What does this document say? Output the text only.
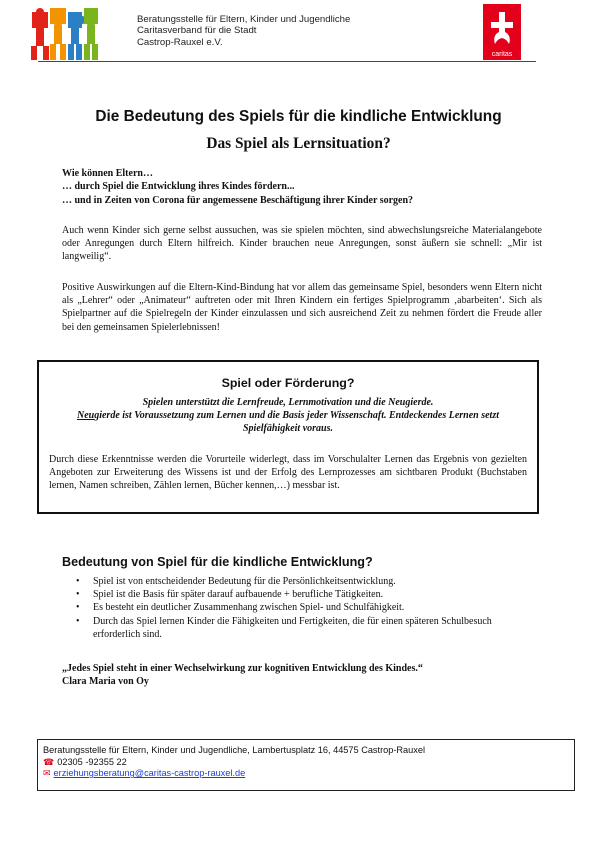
Beratungsstelle für Eltern, Kinder und Jugendliche
Caritasverband für die Stadt
Castrop-Rauxel e.V.
caritas
Die Bedeutung des Spiels für die kindliche Entwicklung
Das Spiel als Lernsituation?
Wie können Eltern…
… durch Spiel die Entwicklung ihres Kindes fördern...
… und in Zeiten von Corona für angemessene Beschäftigung ihrer Kinder sorgen?
Auch wenn Kinder sich gerne selbst aussuchen, was sie spielen möchten, sind abwechslungsreiche Materialangebote oder Anregungen durch Eltern hilfreich. Kinder brauchen neue Anregungen, sonst äußern sie schnell: „Mir ist langweilig“.
Positive Auswirkungen auf die Eltern-Kind-Bindung hat vor allem das gemeinsame Spiel, besonders wenn Eltern nicht als „Lehrer“ oder „Animateur“ auftreten oder mit Ihren Kindern ein fertiges Spielprogramm ‚abarbeiten‘. Sich als Spielpartner auf die Spielregeln der Kinder einzulassen und sich ausreichend Zeit zu nehmen fördert die Freude aller bei den gemeinsamen Spielerlebnissen!
Spiel oder Förderung?
Spielen unterstützt die Lernfreude, Lernmotivation und die Neugierde.
Neugierde ist Voraussetzung zum Lernen und die Basis jeder Wissenschaft. Entdeckendes Lernen setzt Spielfähigkeit voraus.
Durch diese Erkenntnisse werden die Vorurteile widerlegt, dass im Vorschulalter Lernen das Ergebnis von gezielten Angeboten zur Erweiterung des Wissens ist und der Erfolg des Lernprozesses am sichtbaren Produkt (Buchstaben lernen, Namen schreiben, Zählen lernen, Bücher kennen,…) messbar ist.
Bedeutung von Spiel für die kindliche Entwicklung?
• Spiel ist von entscheidender Bedeutung für die Persönlichkeitsentwicklung.
• Spiel ist die Basis für später darauf aufbauende + berufliche Tätigkeiten.
• Es besteht ein deutlicher Zusammenhang zwischen Spiel- und Schulfähigkeit.
• Durch das Spiel lernen Kinder die Fähigkeiten und Fertigkeiten, die für einen späteren Schulbesuch erforderlich sind.
„Jedes Spiel steht in einer Wechselwirkung zur kognitiven Entwicklung des Kindes.“
Clara Maria von Oy
Beratungsstelle für Eltern, Kinder und Jugendliche, Lambertusplatz 16, 44575 Castrop-Rauxel
☎ 02305 -92355 22
✉ erziehungsberatung@caritas-castrop-rauxel.de
